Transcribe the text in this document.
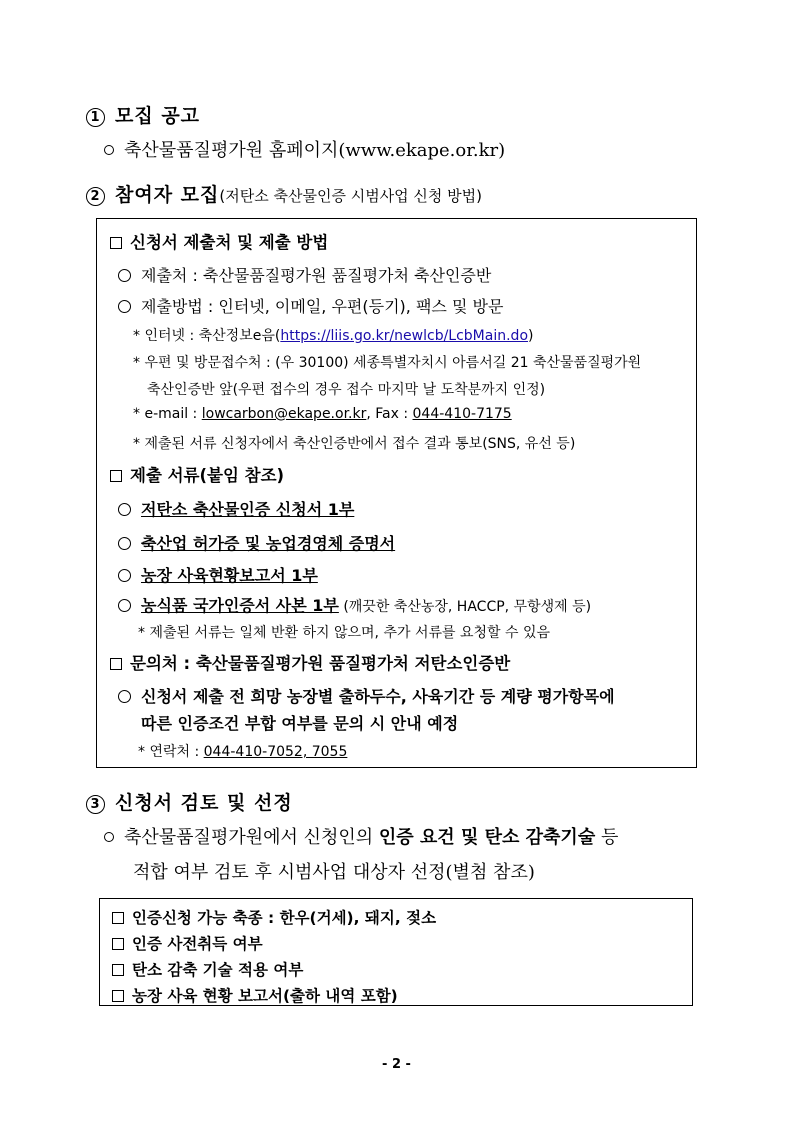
1 모집 공고
축산물품질평가원 홈페이지(www.ekape.or.kr)
2 참여자 모집(저탄소 축산물인증 시범사업 신청 방법)
신청서 제출처 및 제출 방법
제출처 : 축산물품질평가원 품질평가처 축산인증반
제출방법 : 인터넷, 이메일, 우편(등기), 팩스 및 방문
* 인터넷 : 축산정보e음(https://liis.go.kr/newlcb/LcbMain.do)
* 우편 및 방문접수처 : (우 30100) 세종특별자치시 아름서길 21 축산물품질평가원
축산인증반 앞(우편 접수의 경우 접수 마지막 날 도착분까지 인정)
* e-mail : lowcarbon@ekape.or.kr, Fax : 044-410-7175
* 제출된 서류 신청자에서 축산인증반에서 접수 결과 통보(SNS, 유선 등)
제출 서류(붙임 참조)
저탄소 축산물인증 신청서 1부
축산업 허가증 및 농업경영체 증명서
농장 사육현황보고서 1부
농식품 국가인증서 사본 1부 (깨끗한 축산농장, HACCP, 무항생제 등)
* 제출된 서류는 일체 반환 하지 않으며, 추가 서류를 요청할 수 있음
문의처 : 축산물품질평가원 품질평가처 저탄소인증반
신청서 제출 전 희망 농장별 출하두수, 사육기간 등 계량 평가항목에
따른 인증조건 부합 여부를 문의 시 안내 예정
* 연락처 : 044-410-7052, 7055
3 신청서 검토 및 선정
축산물품질평가원에서 신청인의 인증 요건 및 탄소 감축기술 등
적합 여부 검토 후 시범사업 대상자 선정(별첨 참조)
인증신청 가능 축종 : 한우(거세), 돼지, 젖소
인증 사전취득 여부
탄소 감축 기술 적용 여부
농장 사육 현황 보고서(출하 내역 포함)
- 2 -
